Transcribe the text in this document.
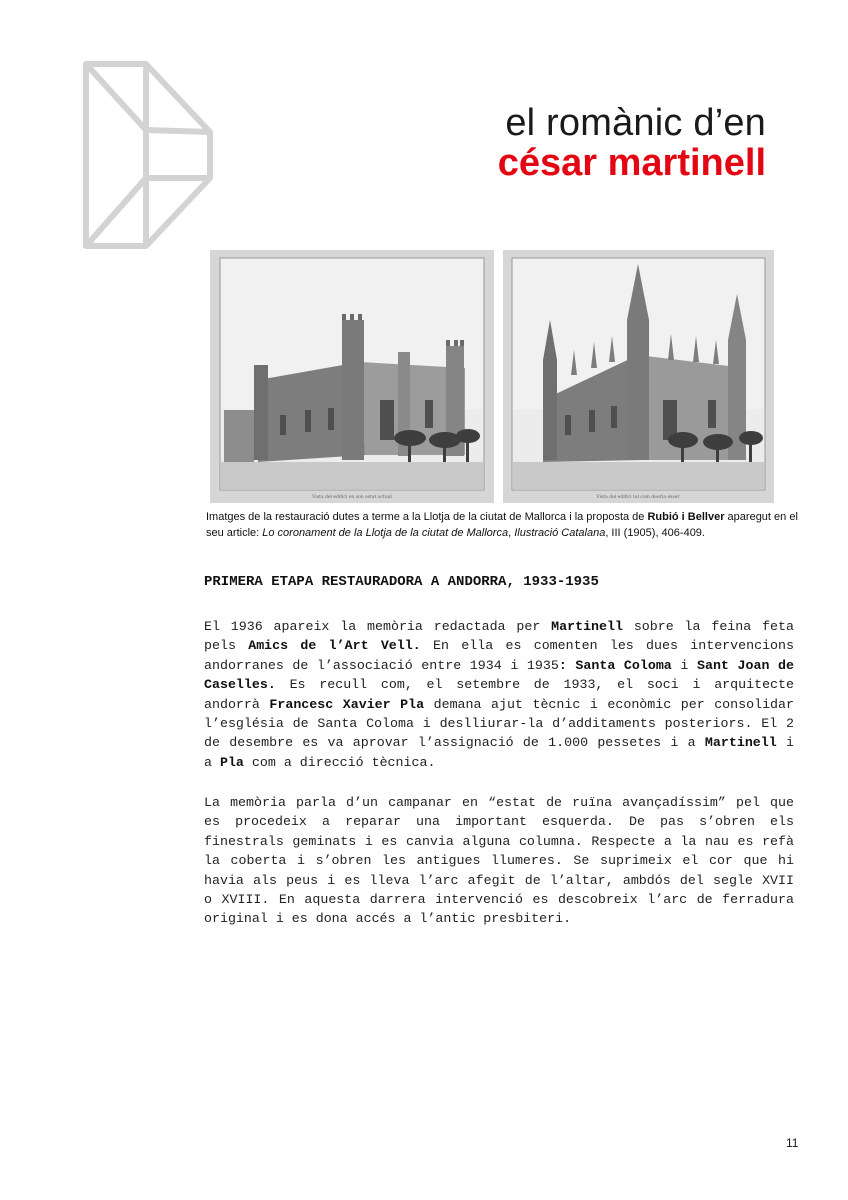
el romànic d’en
césar martinell
Vista del edifici en son estat actual	Vista del edifici tal com deuria ésser
Imatges de la restauració dutes a terme a la Llotja de la ciutat de Mallorca i la proposta de Rubió i Bellver aparegut en el seu article: Lo coronament de la Llotja de la ciutat de Mallorca, Ilustració Catalana, III (1905), 406-409.
PRIMERA ETAPA RESTAURADORA A ANDORRA, 1933-1935

El 1936 apareix la memòria redactada per Martinell sobre la feina feta pels Amics de l’Art Vell. En ella es comenten les dues intervencions andorranes de l’associació entre 1934 i 1935: Santa Coloma i Sant Joan de Caselles. Es recull com, el setembre de 1933, el soci i arquitecte andorrà Francesc Xavier Pla demana ajut tècnic i econòmic per consolidar l’església de Santa Coloma i deslliurar-la d’additaments posteriors. El 2 de desembre es va aprovar l’assignació de 1.000 pessetes i a Martinell i a Pla com a direcció tècnica.

La memòria parla d’un campanar en “estat de ruïna avançadíssim” pel que es procedeix a reparar una important esquerda. De pas s’obren els finestrals geminats i es canvia alguna columna. Respecte a la nau es refà la coberta i s’obren les antigues llumeres. Se suprimeix el cor que hi havia als peus i es lleva l’arc afegit de l’altar, ambdós del segle XVII o XVIII. En aquesta darrera intervenció es descobreix l’arc de ferradura original i es dona accés a l’antic presbiteri.

11
